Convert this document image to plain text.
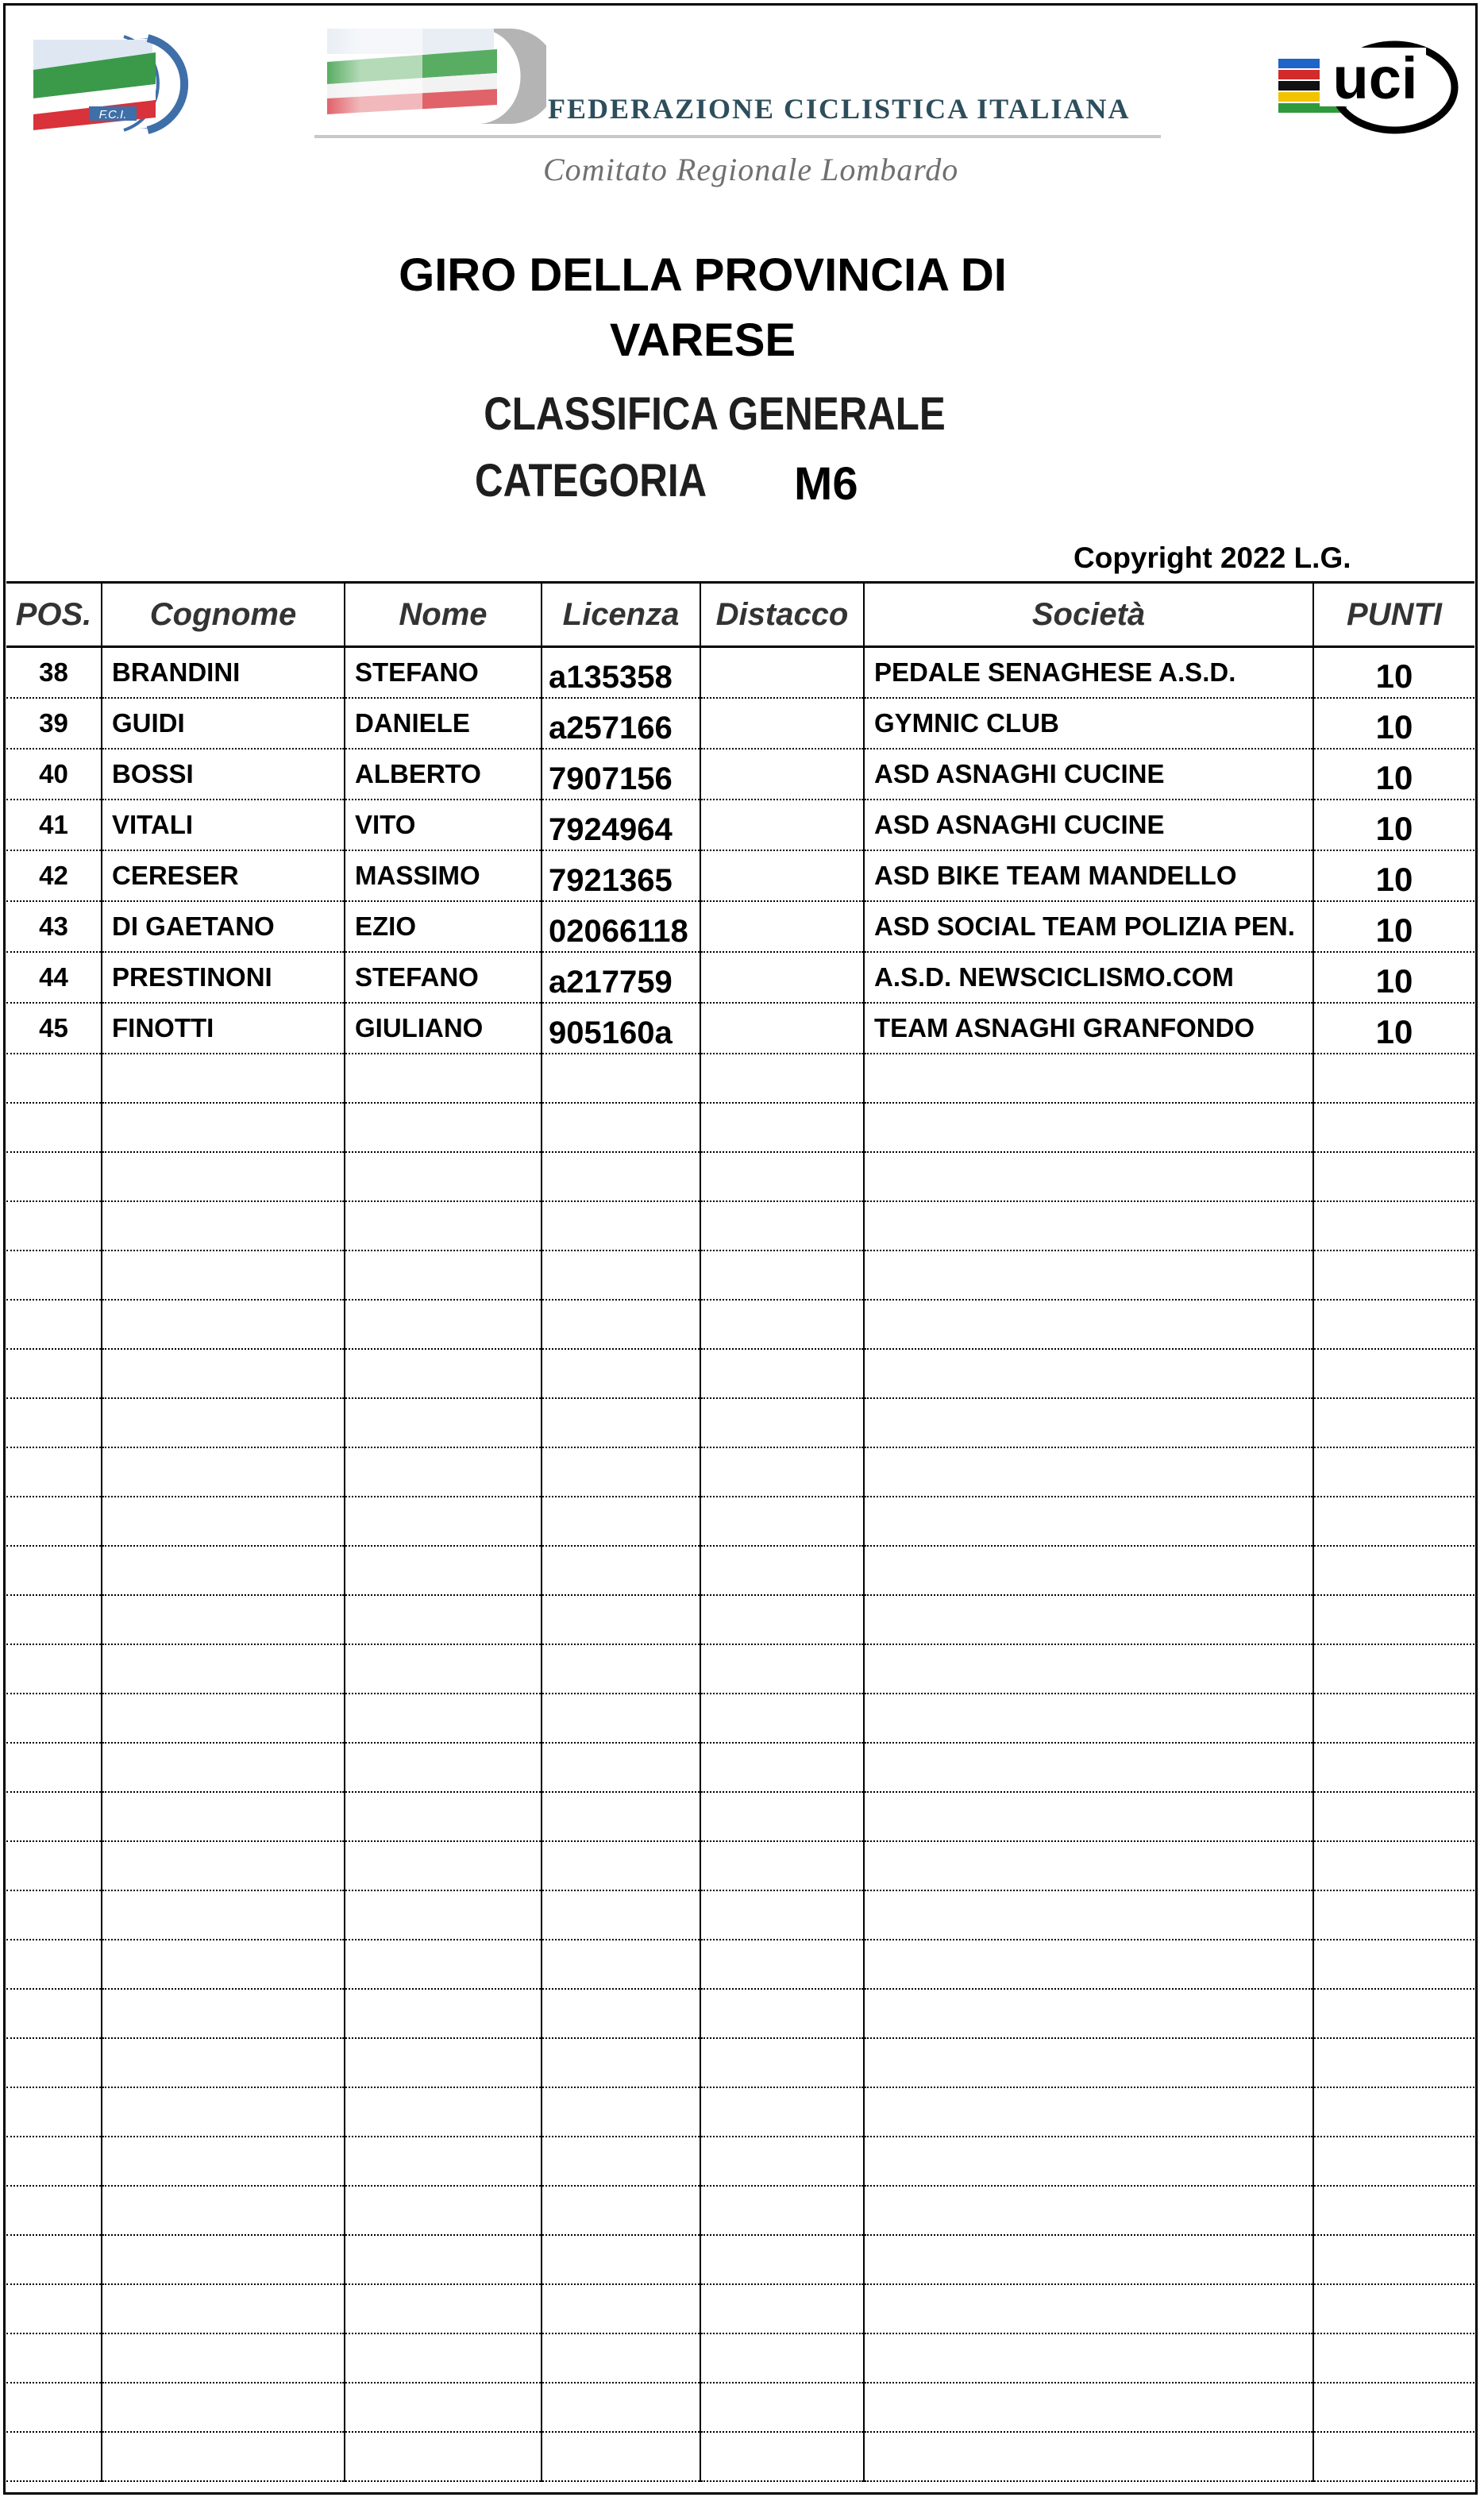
F.C.I.	FEDERAZIONE CICLISTICA ITALIANA
Comitato Regionale Lombardo
uci
GIRO DELLA PROVINCIA DI
VARESE
CLASSIFICA GENERALE
CATEGORIA M6
Copyright 2022 L.G.
POS.	Cognome	Nome	Licenza	Distacco	Società	PUNTI
38	BRANDINI	STEFANO	a135358		PEDALE SENAGHESE A.S.D.	10
39	GUIDI	DANIELE	a257166		GYMNIC CLUB	10
40	BOSSI	ALBERTO	7907156		ASD ASNAGHI CUCINE	10
41	VITALI	VITO	7924964		ASD ASNAGHI CUCINE	10
42	CERESER	MASSIMO	7921365		ASD BIKE TEAM MANDELLO	10
43	DI GAETANO	EZIO	02066118		ASD SOCIAL TEAM POLIZIA PEN.	10
44	PRESTINONI	STEFANO	a217759		A.S.D. NEWSCICLISMO.COM	10
45	FINOTTI	GIULIANO	905160a		TEAM ASNAGHI GRANFONDO	10
